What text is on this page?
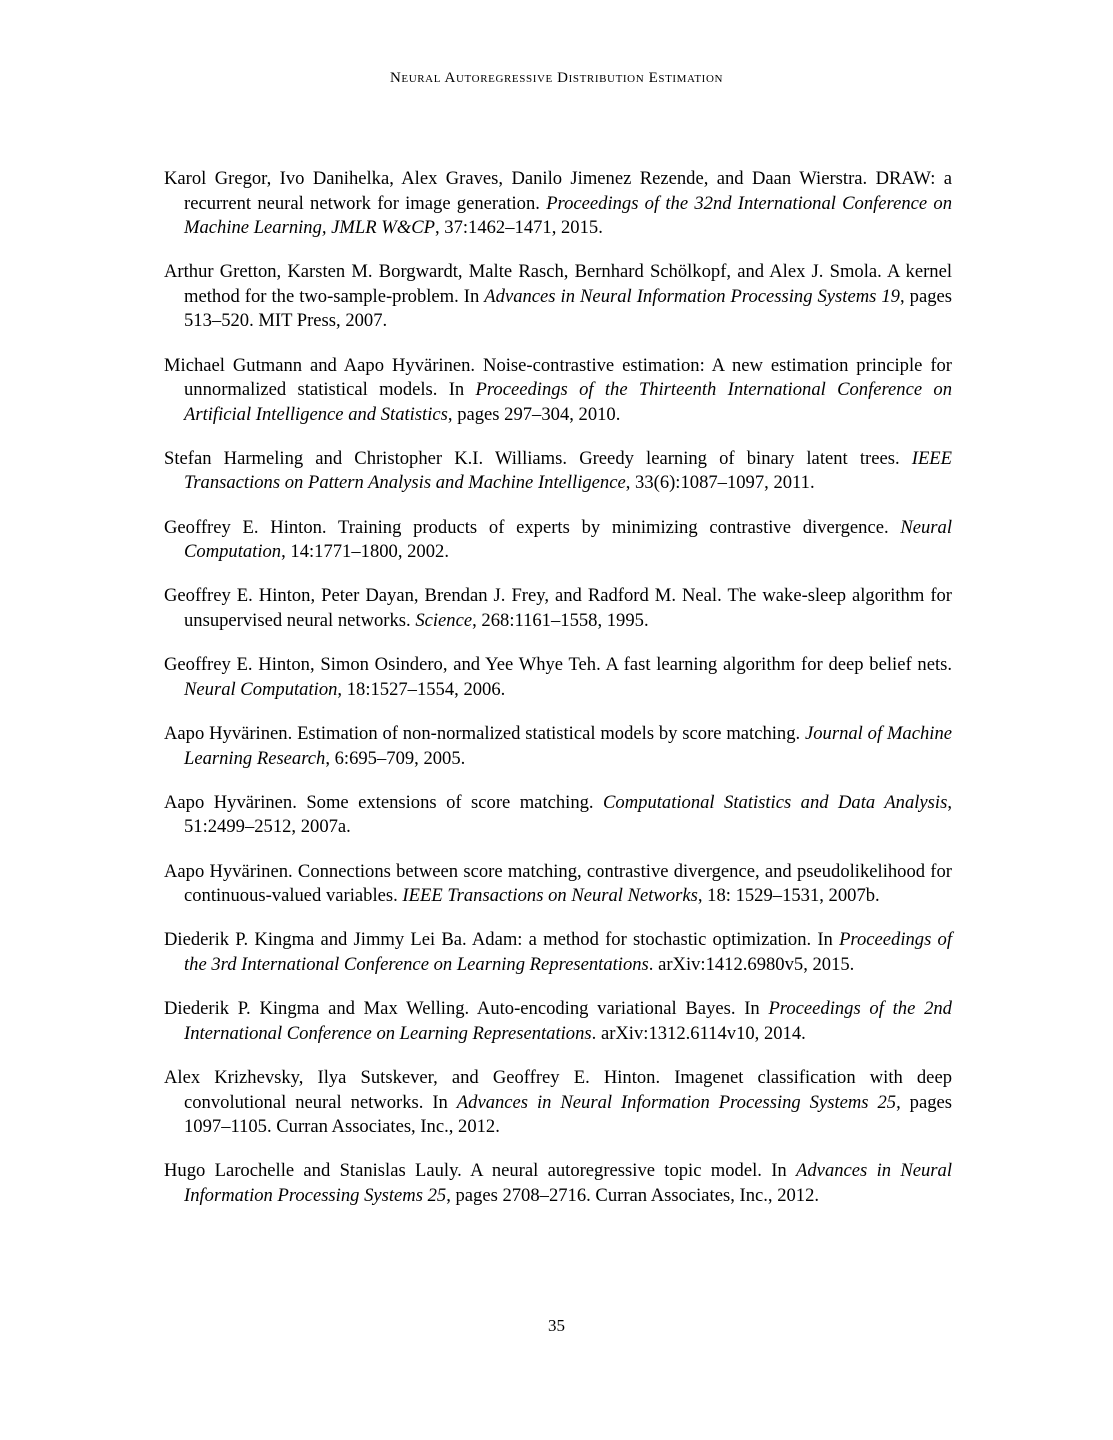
Neural Autoregressive Distribution Estimation

Karol Gregor, Ivo Danihelka, Alex Graves, Danilo Jimenez Rezende, and Daan Wierstra. DRAW: a recurrent neural network for image generation. Proceedings of the 32nd International Conference on Machine Learning, JMLR W&CP, 37:1462–1471, 2015.

Arthur Gretton, Karsten M. Borgwardt, Malte Rasch, Bernhard Schölkopf, and Alex J. Smola. A kernel method for the two-sample-problem. In Advances in Neural Information Processing Systems 19, pages 513–520. MIT Press, 2007.

Michael Gutmann and Aapo Hyvärinen. Noise-contrastive estimation: A new estimation principle for unnormalized statistical models. In Proceedings of the Thirteenth International Conference on Artificial Intelligence and Statistics, pages 297–304, 2010.

Stefan Harmeling and Christopher K.I. Williams. Greedy learning of binary latent trees. IEEE Transactions on Pattern Analysis and Machine Intelligence, 33(6):1087–1097, 2011.

Geoffrey E. Hinton. Training products of experts by minimizing contrastive divergence. Neural Computation, 14:1771–1800, 2002.

Geoffrey E. Hinton, Peter Dayan, Brendan J. Frey, and Radford M. Neal. The wake-sleep algorithm for unsupervised neural networks. Science, 268:1161–1558, 1995.

Geoffrey E. Hinton, Simon Osindero, and Yee Whye Teh. A fast learning algorithm for deep belief nets. Neural Computation, 18:1527–1554, 2006.

Aapo Hyvärinen. Estimation of non-normalized statistical models by score matching. Journal of Machine Learning Research, 6:695–709, 2005.

Aapo Hyvärinen. Some extensions of score matching. Computational Statistics and Data Analysis, 51:2499–2512, 2007a.

Aapo Hyvärinen. Connections between score matching, contrastive divergence, and pseudolikelihood for continuous-valued variables. IEEE Transactions on Neural Networks, 18: 1529–1531, 2007b.

Diederik P. Kingma and Jimmy Lei Ba. Adam: a method for stochastic optimization. In Proceedings of the 3rd International Conference on Learning Representations. arXiv:1412.6980v5, 2015.

Diederik P. Kingma and Max Welling. Auto-encoding variational Bayes. In Proceedings of the 2nd International Conference on Learning Representations. arXiv:1312.6114v10, 2014.

Alex Krizhevsky, Ilya Sutskever, and Geoffrey E. Hinton. Imagenet classification with deep convolutional neural networks. In Advances in Neural Information Processing Systems 25, pages 1097–1105. Curran Associates, Inc., 2012.

Hugo Larochelle and Stanislas Lauly. A neural autoregressive topic model. In Advances in Neural Information Processing Systems 25, pages 2708–2716. Curran Associates, Inc., 2012.

35
